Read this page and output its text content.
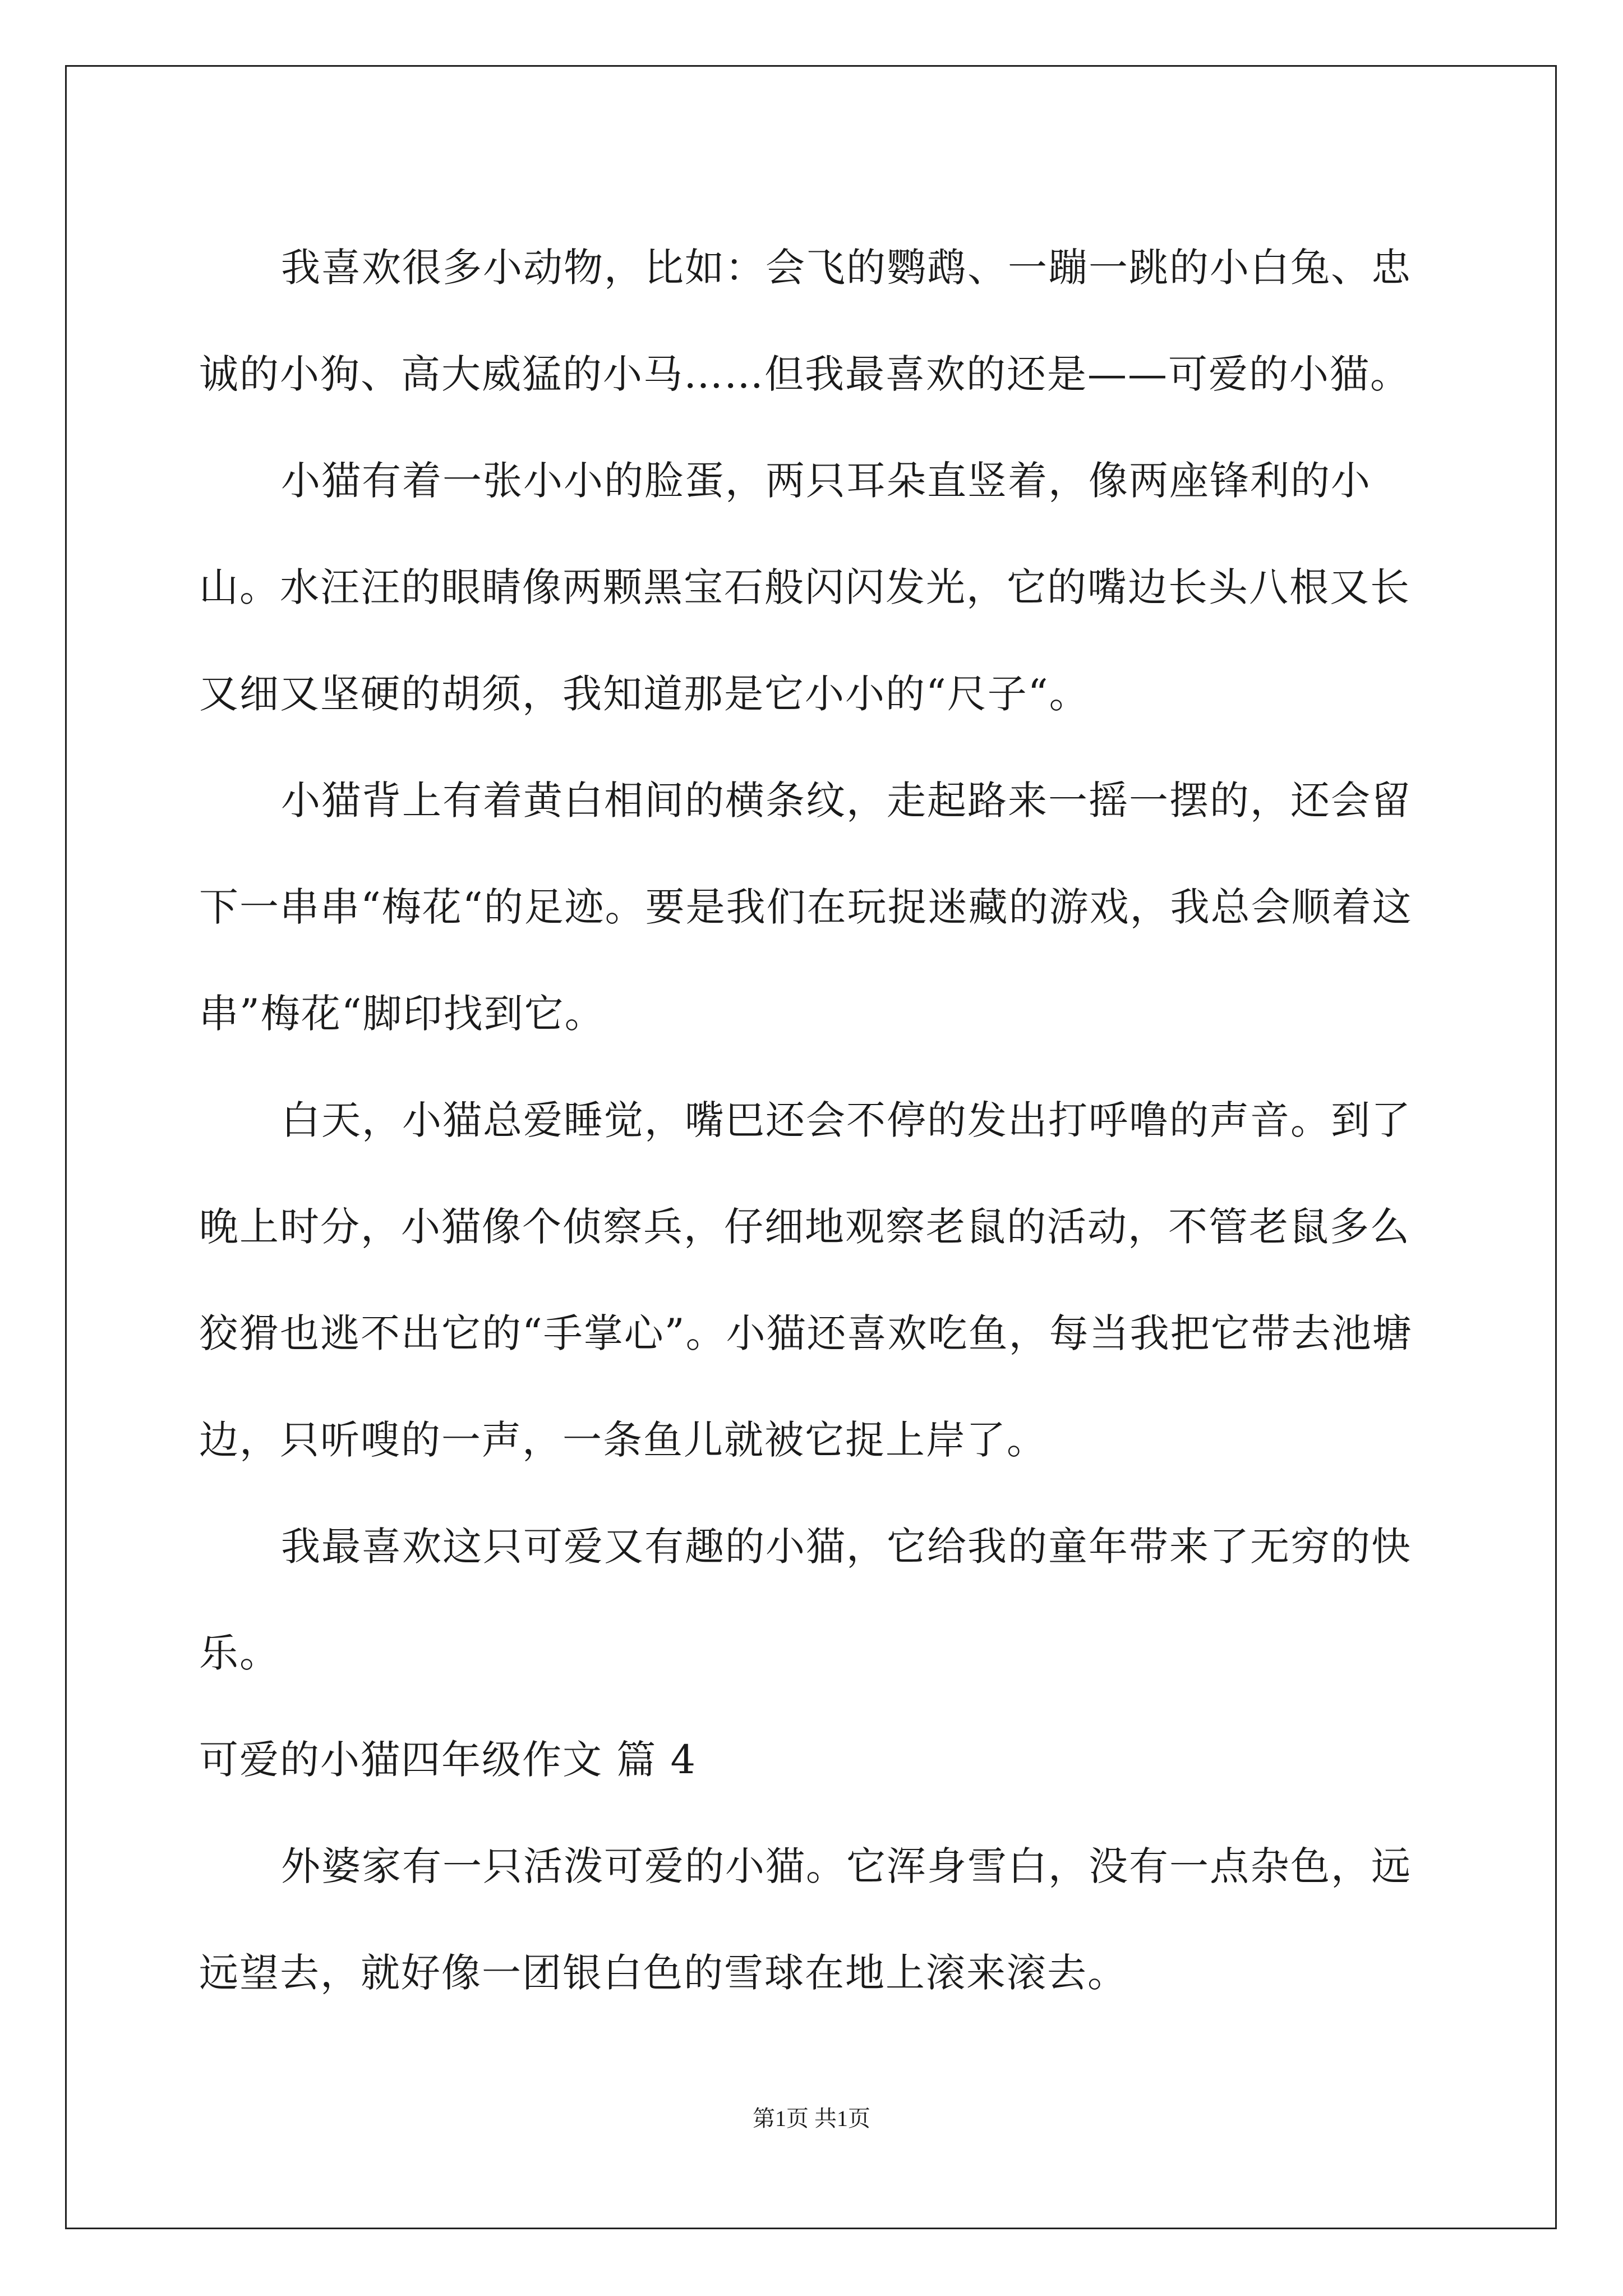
我喜欢很多小动物，比如：会飞的鹦鹉、一蹦一跳的小白兔、忠诚的小狗、高大威猛的小马……但我最喜欢的还是——可爱的小猫。

小猫有着一张小小的脸蛋，两只耳朵直竖着，像两座锋利的小山。水汪汪的眼睛像两颗黑宝石般闪闪发光，它的嘴边长头八根又长又细又坚硬的胡须，我知道那是它小小的“尺子“。

小猫背上有着黄白相间的横条纹，走起路来一摇一摆的，还会留下一串串“梅花“的足迹。要是我们在玩捉迷藏的游戏，我总会顺着这串”梅花“脚印找到它。

白天，小猫总爱睡觉，嘴巴还会不停的发出打呼噜的声音。到了晚上时分，小猫像个侦察兵，仔细地观察老鼠的活动，不管老鼠多么狡猾也逃不出它的“手掌心”。小猫还喜欢吃鱼，每当我把它带去池塘边，只听嗖的一声，一条鱼儿就被它捉上岸了。

我最喜欢这只可爱又有趣的小猫，它给我的童年带来了无穷的快乐。

可爱的小猫四年级作文 篇 4

外婆家有一只活泼可爱的小猫。它浑身雪白，没有一点杂色，远远望去，就好像一团银白色的雪球在地上滚来滚去。

第1页 共1页
